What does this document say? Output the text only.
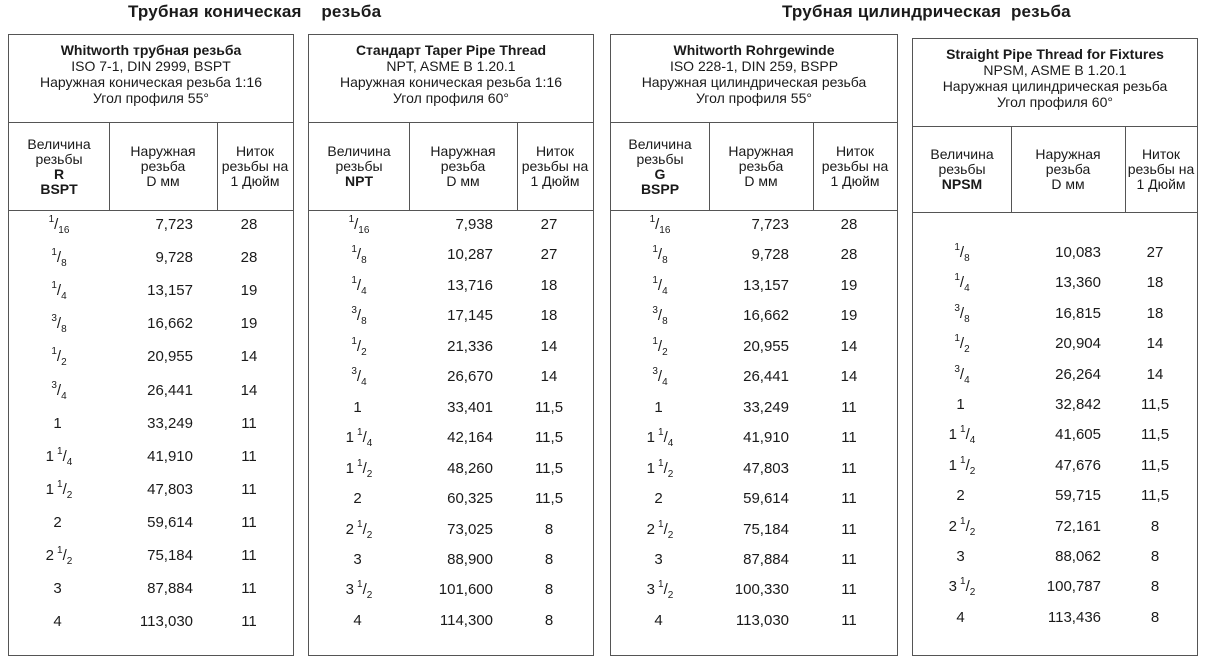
Трубная коническая    резьба	Трубная цилиндрическая  резьба
Whitworth трубная резьба
ISO 7-1, DIN 2999, BSPT
Наружная коническая резьба 1:16
Угол профиля 55°
Величина
резьбы
R
BSPT
Наружная
резьба
D мм
Ниток
резьбы на
1 Дюйм
$^1/_{16}$	7,723	28
$^1/_8$	9,728	28
$^1/_4$	13,157	19
$^3/_8$	16,662	19
$^1/_2$	20,955	14
$^3/_4$	26,441	14
1	33,249	11
1 $^1/_4$	41,910	11
1 $^1/_2$	47,803	11
2	59,614	11
2 $^1/_2$	75,184	11
3	87,884	11
4	113,030	11
Стандарт Taper Pipe Thread
NPT, ASME B 1.20.1
Наружная коническая резьба 1:16
Угол профиля 60°
Величина
резьбы
NPT
Наружная
резьба
D мм
Ниток
резьбы на
1 Дюйм
$^1/_{16}$	7,938	27
$^1/_8$	10,287	27
$^1/_4$	13,716	18
$^3/_8$	17,145	18
$^1/_2$	21,336	14
$^3/_4$	26,670	14
1	33,401	11,5
1 $^1/_4$	42,164	11,5
1 $^1/_2$	48,260	11,5
2	60,325	11,5
2 $^1/_2$	73,025	8
3	88,900	8
3 $^1/_2$	101,600	8
4	114,300	8
Whitworth Rohrgewinde
ISO 228-1, DIN 259, BSPP
Наружная цилиндрическая резьба
Угол профиля 55°
Величина
резьбы
G
BSPP
Наружная
резьба
D мм
Ниток
резьбы на
1 Дюйм
$^1/_{16}$	7,723	28
$^1/_8$	9,728	28
$^1/_4$	13,157	19
$^3/_8$	16,662	19
$^1/_2$	20,955	14
$^3/_4$	26,441	14
1	33,249	11
1 $^1/_4$	41,910	11
1 $^1/_2$	47,803	11
2	59,614	11
2 $^1/_2$	75,184	11
3	87,884	11
3 $^1/_2$	100,330	11
4	113,030	11
Straight Pipe Thread for Fixtures
NPSM, ASME B 1.20.1
Наружная цилиндрическая резьба
Угол профиля 60°
Величина
резьбы
NPSM
Наружная
резьба
D мм
Ниток
резьбы на
1 Дюйм
$^1/_8$	10,083	27
$^1/_4$	13,360	18
$^3/_8$	16,815	18
$^1/_2$	20,904	14
$^3/_4$	26,264	14
1	32,842	11,5
1 $^1/_4$	41,605	11,5
1 $^1/_2$	47,676	11,5
2	59,715	11,5
2 $^1/_2$	72,161	8
3	88,062	8
3 $^1/_2$	100,787	8
4	113,436	8
